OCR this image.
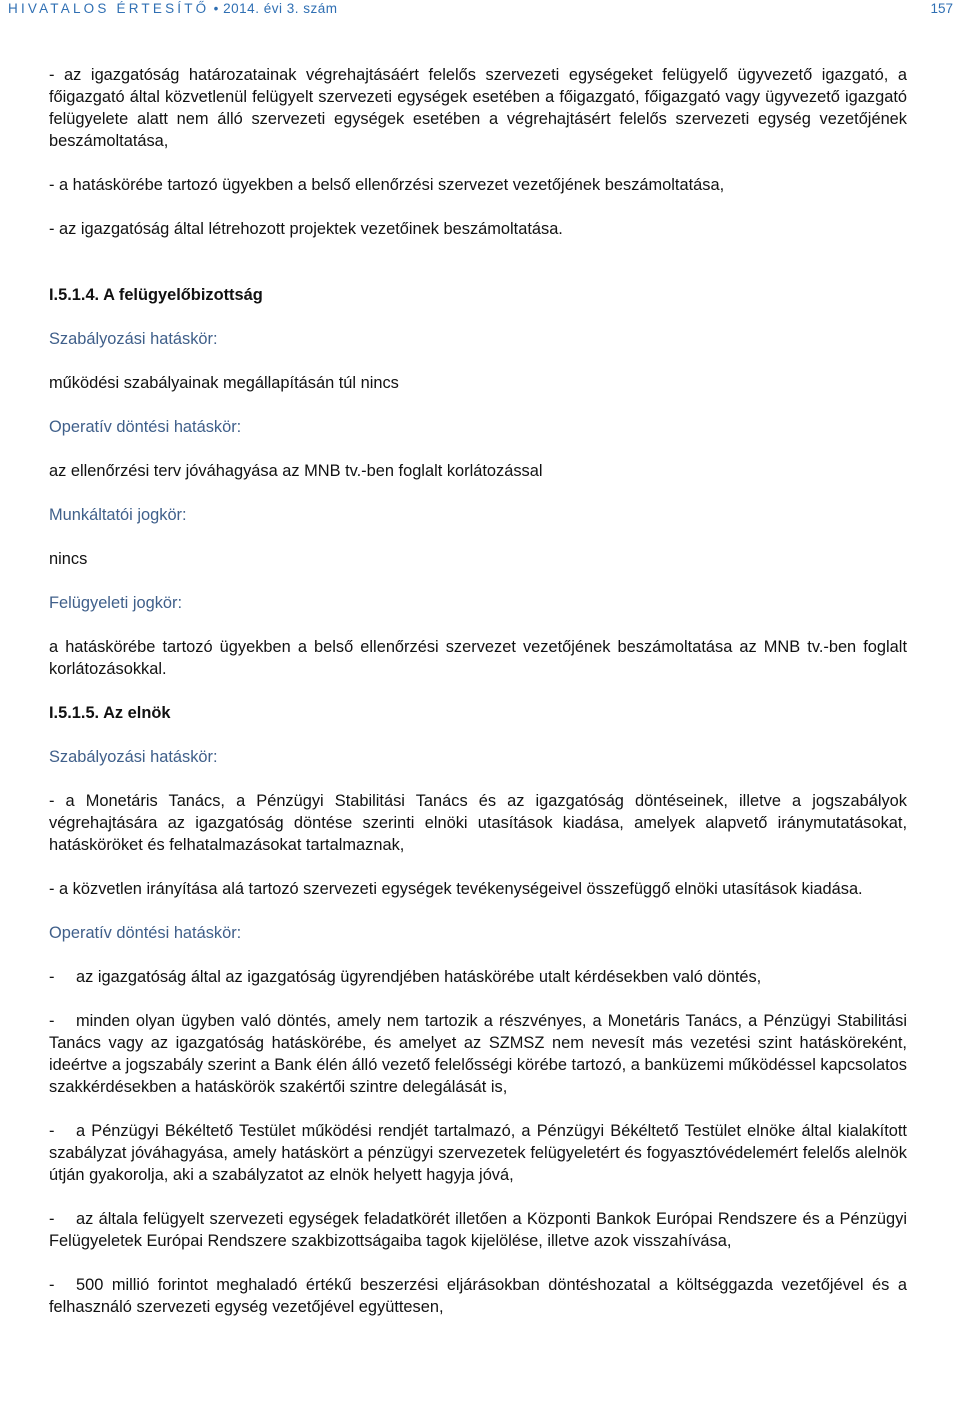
HIVATALOS ÉRTESÍTŐ • 2014. évi 3. szám	157

- az igazgatóság határozatainak végrehajtásáért felelős szervezeti egységeket felügyelő ügyvezető igazgató, a főigazgató által közvetlenül felügyelt szervezeti egységek esetében a főigazgató, főigazgató vagy ügyvezető igazgató felügyelete alatt nem álló szervezeti egységek esetében a végrehajtásért felelős szervezeti egység vezetőjének beszámoltatása,

- a hatáskörébe tartozó ügyekben a belső ellenőrzési szervezet vezetőjének beszámoltatása,

- az igazgatóság által létrehozott projektek vezetőinek beszámoltatása.

I.5.1.4. A felügyelőbizottság

Szabályozási hatáskör:

működési szabályainak megállapításán túl nincs

Operatív döntési hatáskör:

az ellenőrzési terv jóváhagyása az MNB tv.-ben foglalt korlátozással

Munkáltatói jogkör:

nincs

Felügyeleti jogkör:

a hatáskörébe tartozó ügyekben a belső ellenőrzési szervezet vezetőjének beszámoltatása az MNB tv.-ben foglalt korlátozásokkal.

I.5.1.5. Az elnök

Szabályozási hatáskör:

- a Monetáris Tanács, a Pénzügyi Stabilitási Tanács és az igazgatóság döntéseinek, illetve a jogszabályok végrehajtására az igazgatóság döntése szerinti elnöki utasítások kiadása, amelyek alapvető iránymutatásokat, hatásköröket és felhatalmazásokat tartalmaznak,

- a közvetlen irányítása alá tartozó szervezeti egységek tevékenységeivel összefüggő elnöki utasítások kiadása.

Operatív döntési hatáskör:

- az igazgatóság által az igazgatóság ügyrendjében hatáskörébe utalt kérdésekben való döntés,

- minden olyan ügyben való döntés, amely nem tartozik a részvényes, a Monetáris Tanács, a Pénzügyi Stabilitási Tanács vagy az igazgatóság hatáskörébe, és amelyet az SZMSZ nem nevesít más vezetési szint hatásköreként, ideértve a jogszabály szerint a Bank élén álló vezető felelősségi körébe tartozó, a banküzemi működéssel kapcsolatos szakkérdésekben a hatáskörök szakértői szintre delegálását is,

- a Pénzügyi Békéltető Testület működési rendjét tartalmazó, a Pénzügyi Békéltető Testület elnöke által kialakított szabályzat jóváhagyása, amely hatáskört a pénzügyi szervezetek felügyeletért és fogyasztóvédelemért felelős alelnök útján gyakorolja, aki a szabályzatot az elnök helyett hagyja jóvá,

- az általa felügyelt szervezeti egységek feladatkörét illetően a Központi Bankok Európai Rendszere és a Pénzügyi Felügyeletek Európai Rendszere szakbizottságaiba tagok kijelölése, illetve azok visszahívása,

- 500 millió forintot meghaladó értékű beszerzési eljárásokban döntéshozatal a költséggazda vezetőjével és a felhasználó szervezeti egység vezetőjével együttesen,
